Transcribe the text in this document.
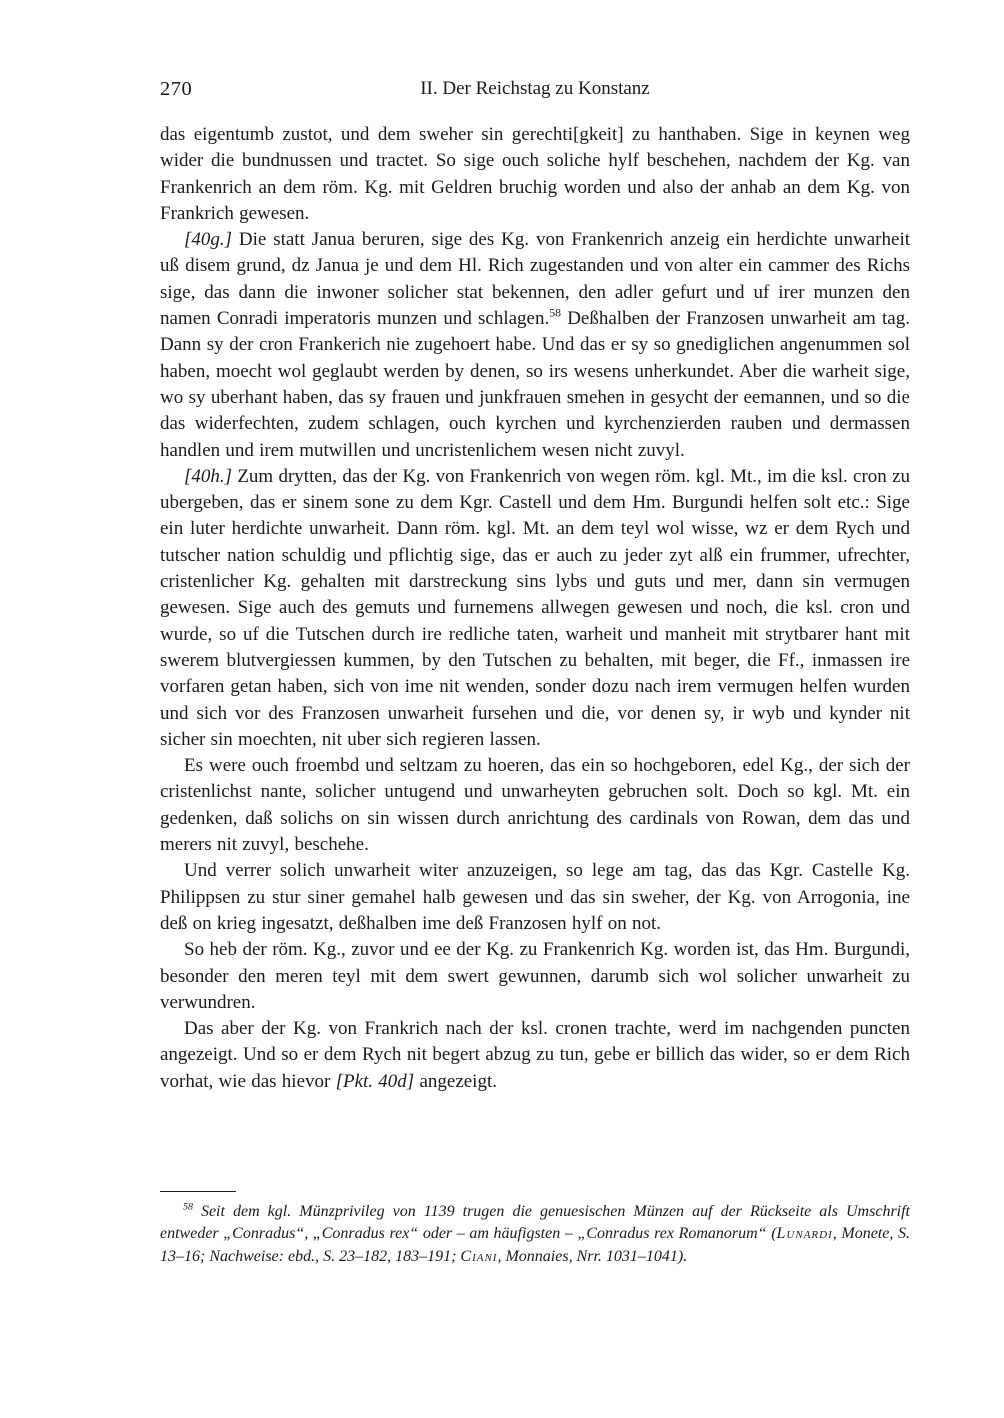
270	II. Der Reichstag zu Konstanz

das eigentumb zustot, und dem sweher sin gerechti[gkeit] zu hanthaben. Sige in keynen weg wider die bundnussen und tractet. So sige ouch soliche hylf beschehen, nachdem der Kg. van Frankenrich an dem röm. Kg. mit Geldren bruchig worden und also der anhab an dem Kg. von Frankrich gewesen.

[40g.] Die statt Janua beruren, sige des Kg. von Frankenrich anzeig ein herdichte unwarheit uß disem grund, dz Janua je und dem Hl. Rich zugestanden und von alter ein cammer des Richs sige, das dann die inwoner solicher stat bekennen, den adler gefurt und uf irer munzen den namen Conradi imperatoris munzen und schlagen.$^{58}$ Deßhalben der Franzosen unwarheit am tag. Dann sy der cron Frankerich nie zugehoert habe. Und das er sy so gnediglichen angenummen sol haben, moecht wol geglaubt werden by denen, so irs wesens unherkundet. Aber die warheit sige, wo sy uberhant haben, das sy frauen und junkfrauen smehen in gesycht der eemannen, und so die das widerfechten, zudem schlagen, ouch kyrchen und kyrchenzierden rauben und dermassen handlen und irem mutwillen und uncristenlichem wesen nicht zuvyl.

[40h.] Zum drytten, das der Kg. von Frankenrich von wegen röm. kgl. Mt., im die ksl. cron zu ubergeben, das er sinem sone zu dem Kgr. Castell und dem Hm. Burgundi helfen solt etc.: Sige ein luter herdichte unwarheit. Dann röm. kgl. Mt. an dem teyl wol wisse, wz er dem Rych und tutscher nation schuldig und pflichtig sige, das er auch zu jeder zyt alß ein frummer, ufrechter, cristenlicher Kg. gehalten mit darstreckung sins lybs und guts und mer, dann sin vermugen gewesen. Sige auch des gemuts und furnemens allwegen gewesen und noch, die ksl. cron und wurde, so uf die Tutschen durch ire redliche taten, warheit und manheit mit strytbarer hant mit swerem blutvergiessen kummen, by den Tutschen zu behalten, mit beger, die Ff., inmassen ire vorfaren getan haben, sich von ime nit wenden, sonder dozu nach irem vermugen helfen wurden und sich vor des Franzosen unwarheit fursehen und die, vor denen sy, ir wyb und kynder nit sicher sin moechten, nit uber sich regieren lassen.

Es were ouch froembd und seltzam zu hoeren, das ein so hochgeboren, edel Kg., der sich der cristenlichst nante, solicher untugend und unwarheyten gebruchen solt. Doch so kgl. Mt. ein gedenken, daß solichs on sin wissen durch anrichtung des cardinals von Rowan, dem das und merers nit zuvyl, beschehe.

Und verrer solich unwarheit witer anzuzeigen, so lege am tag, das das Kgr. Castelle Kg. Philippsen zu stur siner gemahel halb gewesen und das sin sweher, der Kg. von Arrogonia, ine deß on krieg ingesatzt, deßhalben ime deß Franzosen hylf on not.

So heb der röm. Kg., zuvor und ee der Kg. zu Frankenrich Kg. worden ist, das Hm. Burgundi, besonder den meren teyl mit dem swert gewunnen, darumb sich wol solicher unwarheit zu verwundren.

Das aber der Kg. von Frankrich nach der ksl. cronen trachte, werd im nachgenden puncten angezeigt. Und so er dem Rych nit begert abzug zu tun, gebe er billich das wider, so er dem Rich vorhat, wie das hievor [Pkt. 40d] angezeigt.

$^{58}$ Seit dem kgl. Münzprivileg von 1139 trugen die genuesischen Münzen auf der Rückseite als Umschrift entweder „Conradus“, „Conradus rex“ oder – am häufigsten – „Conradus rex Romanorum“ (Lunardi, Monete, S. 13–16; Nachweise: ebd., S. 23–182, 183–191; Ciani, Monnaies, Nrr. 1031–1041).
